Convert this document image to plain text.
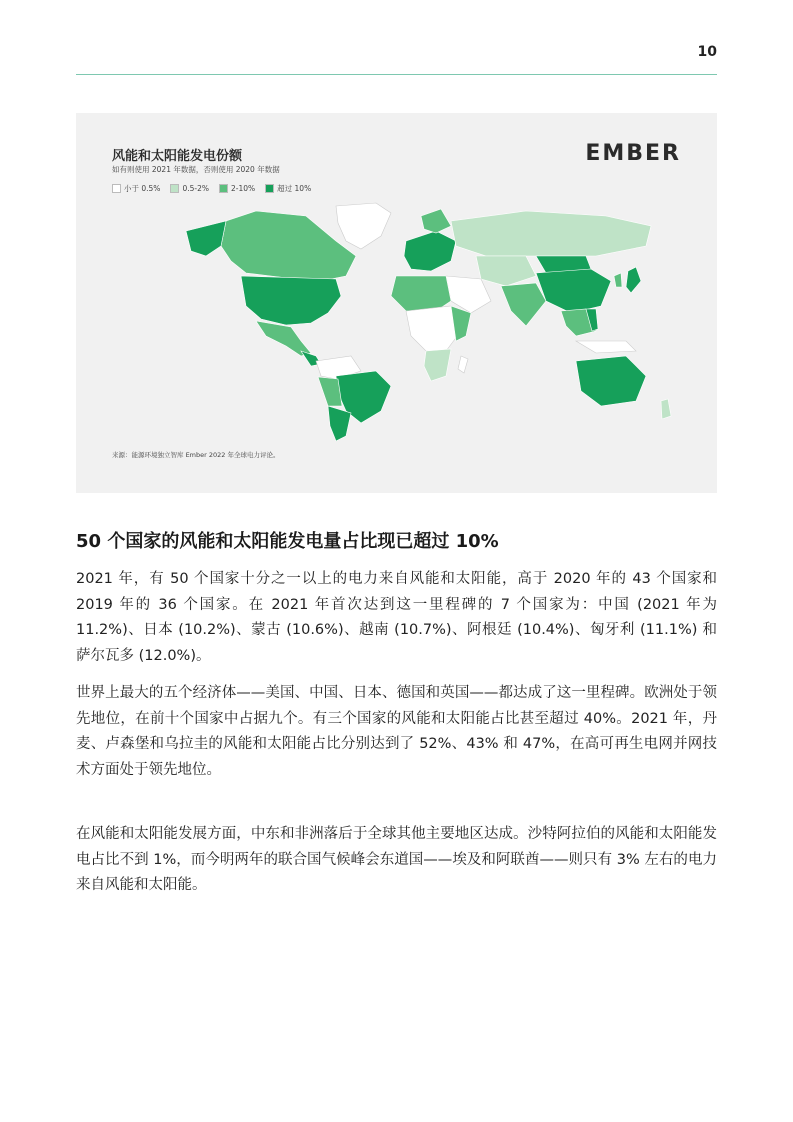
10
风能和太阳能发电份额
如有则使用 2021 年数据，否则使用 2020 年数据
小于 0.5%	0.5-2%	2-10%	超过 10%
EMBER
来源：能源环境独立智库 Ember 2022 年全球电力评论。
50 个国家的风能和太阳能发电量占比现已超过 10%

2021 年，有 50 个国家十分之一以上的电力来自风能和太阳能，高于 2020 年的 43 个国家和 2019 年的 36 个国家。在 2021 年首次达到这一里程碑的 7 个国家为：中国 (2021 年为 11.2%)、日本 (10.2%)、蒙古 (10.6%)、越南 (10.7%)、阿根廷 (10.4%)、匈牙利 (11.1%) 和萨尔瓦多 (12.0%)。

世界上最大的五个经济体——美国、中国、日本、德国和英国——都达成了这一里程碑。欧洲处于领先地位，在前十个国家中占据九个。有三个国家的风能和太阳能占比甚至超过 40%。2021 年，丹麦、卢森堡和乌拉圭的风能和太阳能占比分别达到了 52%、43% 和 47%，在高可再生电网并网技术方面处于领先地位。

在风能和太阳能发展方面，中东和非洲落后于全球其他主要地区达成。沙特阿拉伯的风能和太阳能发电占比不到 1%，而今明两年的联合国气候峰会东道国——埃及和阿联酋——则只有 3% 左右的电力来自风能和太阳能。
